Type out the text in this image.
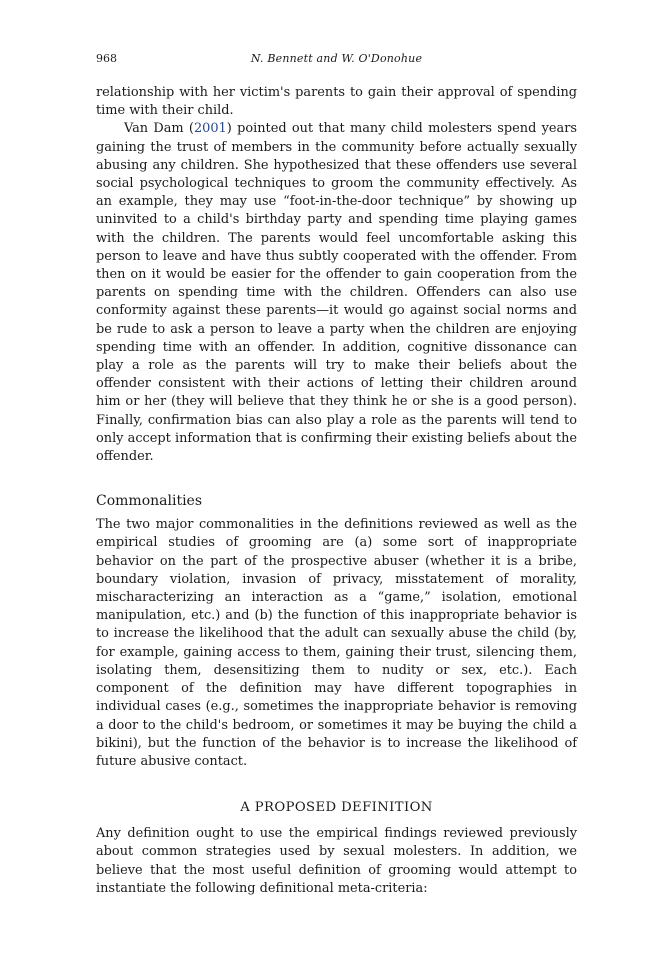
968	N. Bennett and W. O'Donohue

relationship with her victim's parents to gain their approval of spending time with their child.

Van Dam (2001) pointed out that many child molesters spend years gaining the trust of members in the community before actually sexually abusing any children. She hypothesized that these offenders use several social psychological techniques to groom the community effectively. As an example, they may use “foot-in-the-door technique” by showing up uninvited to a child's birthday party and spending time playing games with the children. The parents would feel uncomfortable asking this person to leave and have thus subtly cooperated with the offender. From then on it would be easier for the offender to gain cooperation from the parents on spending time with the children. Offenders can also use conformity against these parents—it would go against social norms and be rude to ask a person to leave a party when the children are enjoying spending time with an offender. In addition, cognitive dissonance can play a role as the parents will try to make their beliefs about the offender consistent with their actions of letting their children around him or her (they will believe that they think he or she is a good person). Finally, confirmation bias can also play a role as the parents will tend to only accept information that is confirming their existing beliefs about the offender.

Commonalities

The two major commonalities in the definitions reviewed as well as the empirical studies of grooming are (a) some sort of inappropriate behavior on the part of the prospective abuser (whether it is a bribe, boundary violation, invasion of privacy, misstatement of morality, mischaracterizing an interaction as a “game,” isolation, emotional manipulation, etc.) and (b) the function of this inappropriate behavior is to increase the likelihood that the adult can sexually abuse the child (by, for example, gaining access to them, gaining their trust, silencing them, isolating them, desensitizing them to nudity or sex, etc.). Each component of the definition may have different topographies in individual cases (e.g., sometimes the inappropriate behavior is removing a door to the child's bedroom, or sometimes it may be buying the child a bikini), but the function of the behavior is to increase the likelihood of future abusive contact.

A PROPOSED DEFINITION

Any definition ought to use the empirical findings reviewed previously about common strategies used by sexual molesters. In addition, we believe that the most useful definition of grooming would attempt to instantiate the following definitional meta-criteria:
